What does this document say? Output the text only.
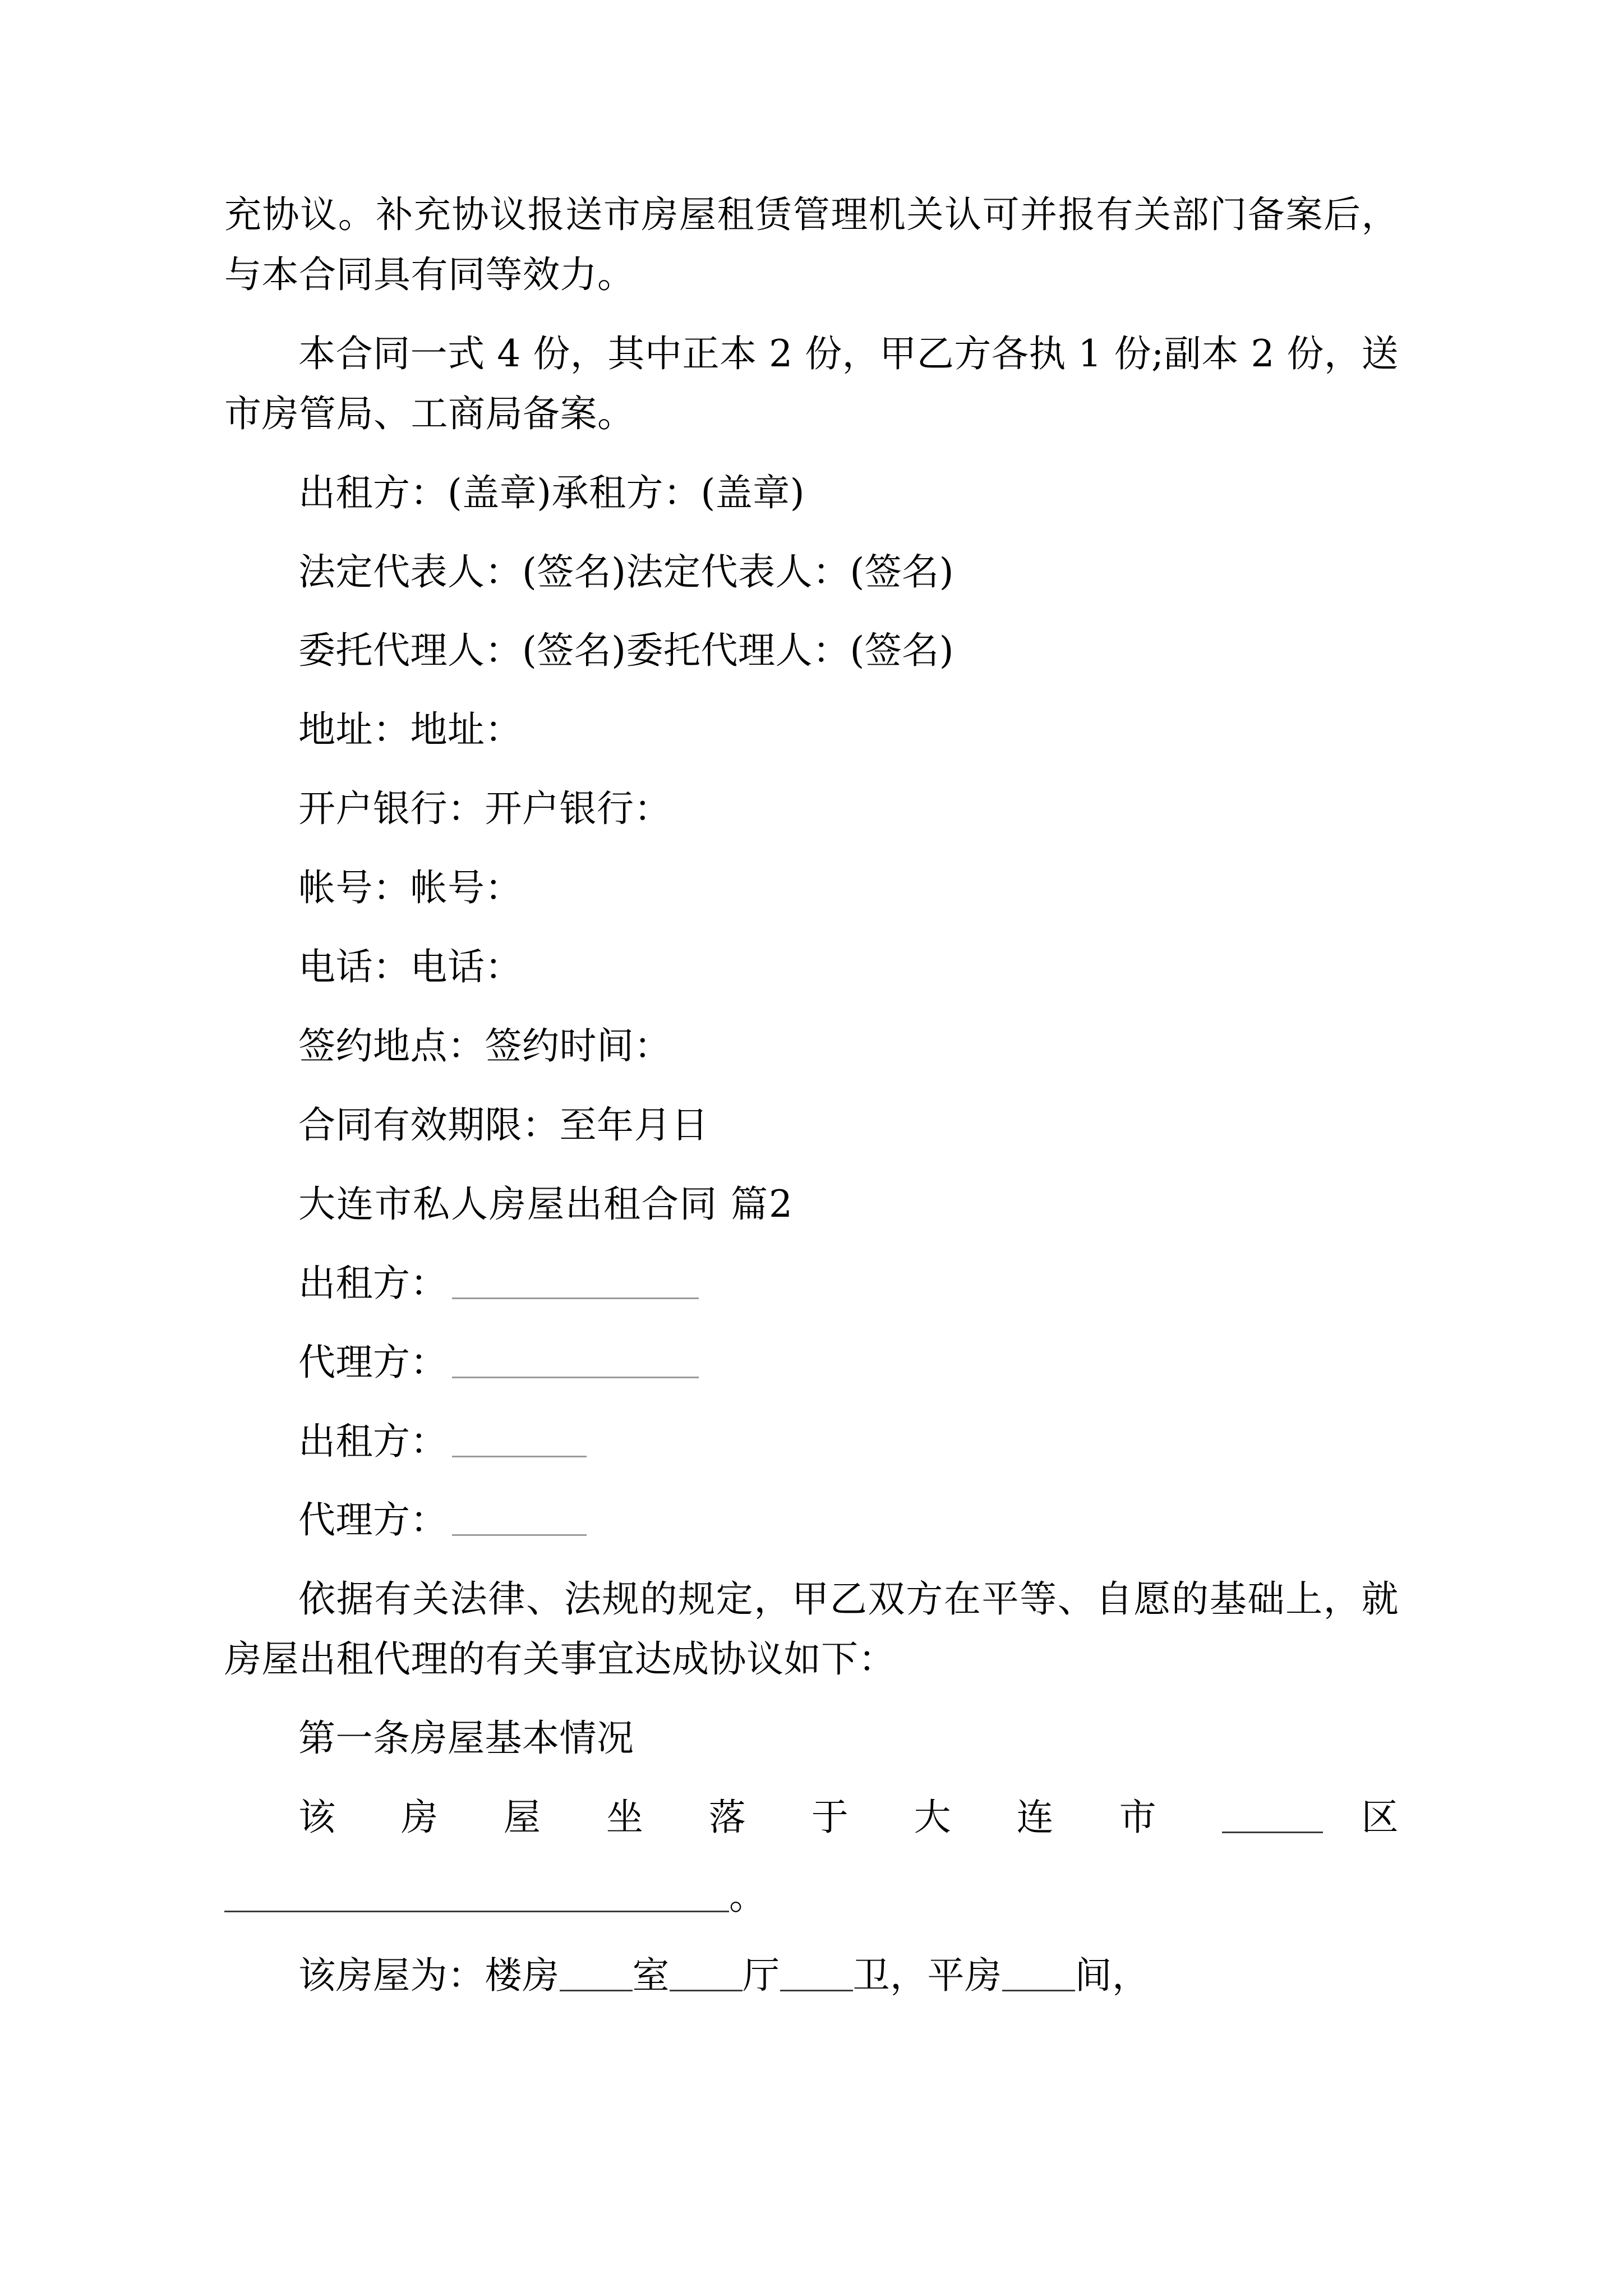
充协议。补充协议报送市房屋租赁管理机关认可并报有关部门备案后，与本合同具有同等效力。

本合同一式 4 份，其中正本 2 份，甲乙方各执 1 份;副本 2 份，送市房管局、工商局备案。

出租方：(盖章)承租方：(盖章)

法定代表人：(签名)法定代表人：(签名)

委托代理人：(签名)委托代理人：(签名)

地址：地址：

开户银行：开户银行：

帐号：帐号：

电话：电话：

签约地点：签约时间：

合同有效期限：至年月日

大连市私人房屋出租合同 篇2

出租方：

代理方：

出租方：

代理方：

依据有关法律、法规的规定，甲乙双方在平等、自愿的基础上，就房屋出租代理的有关事宜达成协议如下：

第一条房屋基本情况

该 房 屋 坐 落 于 大 连 市	区

。

该房屋为：楼房 室 厅 卫，平房 间，
